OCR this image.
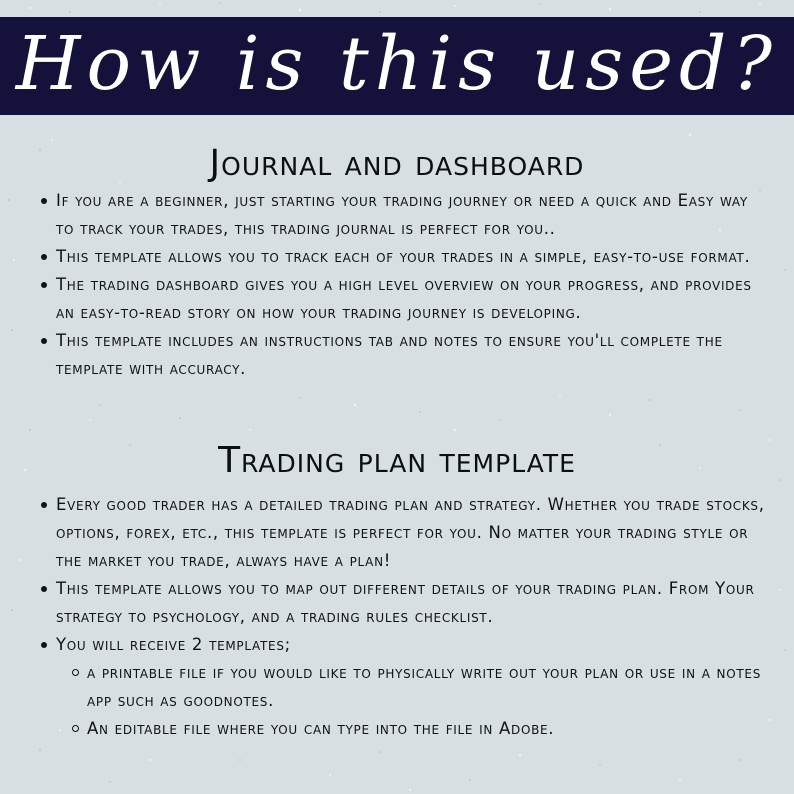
How is this used?
Journal and dashboard
If you are a beginner, just starting your trading journey or need a quick and Easy way to track your trades, this trading journal is perfect for you..
This template allows you to track each of your trades in a simple, easy-to-use format.
The trading dashboard gives you a high level overview on your progress, and provides an easy-to-read story on how your trading journey is developing.
This template includes an instructions tab and notes to ensure you'll complete the template with accuracy.
Trading plan template
Every good trader has a detailed trading plan and strategy. Whether you trade stocks, options, forex, etc., this template is perfect for you. No matter your trading style or the market you trade, always have a plan!
This template allows you to map out different details of your trading plan. From Your strategy to psychology, and a trading rules checklist.
You will receive 2 templates;
a printable file if you would like to physically write out your plan or use in a notes app such as goodnotes.
An editable file where you can type into the file in Adobe.
